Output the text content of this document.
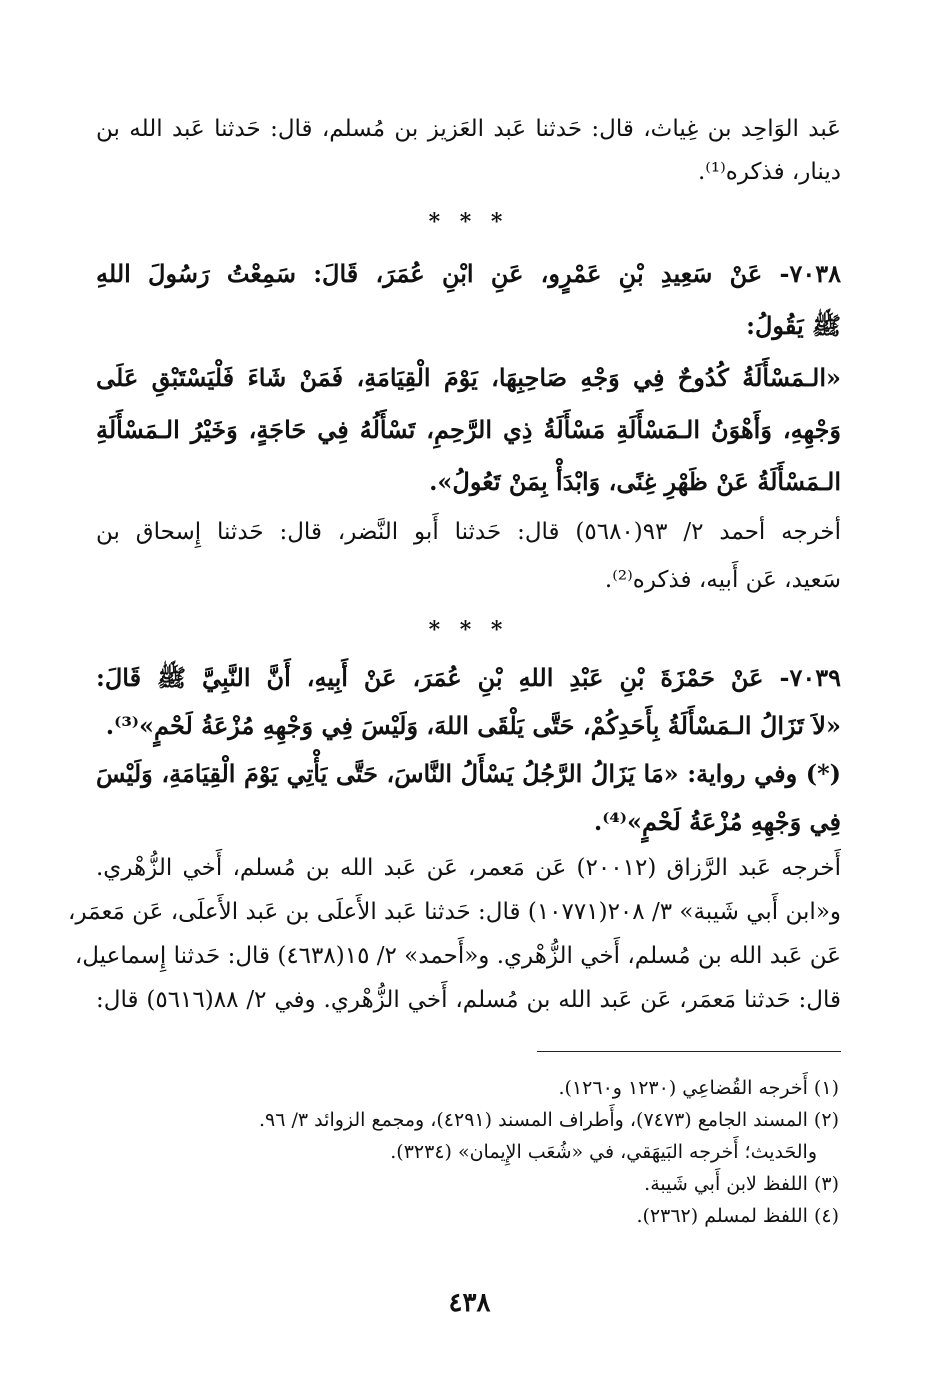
عَبد الوَاحِد بن غِياث، قال: حَدثنا عَبد العَزيز بن مُسلم، قال: حَدثنا عَبد الله بن
دينار، فذكره⁽¹⁾.
* * *
٧٠٣٨- عَنْ سَعِيدِ بْنِ عَمْرٍو، عَنِ ابْنِ عُمَرَ، قَالَ: سَمِعْتُ رَسُولَ اللهِ
ﷺ يَقُولُ:
«الـمَسْأَلَةُ كُدُوحٌ فِي وَجْهِ صَاحِبِهَا، يَوْمَ الْقِيَامَةِ، فَمَنْ شَاءَ فَلْيَسْتَبْقِ عَلَى
وَجْهِهِ، وَأَهْوَنُ الـمَسْأَلَةِ مَسْأَلَةُ ذِي الرَّحِمِ، تَسْأَلُهُ فِي حَاجَةٍ، وَخَيْرُ الـمَسْأَلَةِ
الـمَسْأَلَةُ عَنْ ظَهْرِ غِنًى، وَابْدَأْ بِمَنْ تَعُولُ».
أخرجه أحمد ٢/ ٩٣(٥٦٨٠) قال: حَدثنا أَبو النَّضر، قال: حَدثنا إِسحاق بن
سَعيد، عَن أَبيه، فذكره⁽²⁾.
* * *
٧٠٣٩- عَنْ حَمْزَةَ بْنِ عَبْدِ اللهِ بْنِ عُمَرَ، عَنْ أَبِيهِ، أَنَّ النَّبِيَّ ﷺ قَالَ:
«لاَ تَزَالُ الـمَسْأَلَةُ بِأَحَدِكُمْ، حَتَّى يَلْقَى اللهَ، وَلَيْسَ فِي وَجْهِهِ مُزْعَةُ لَحْمٍ»⁽³⁾.
(*) وفي رواية: «مَا يَزَالُ الرَّجُلُ يَسْأَلُ النَّاسَ، حَتَّى يَأْتِي يَوْمَ الْقِيَامَةِ، وَلَيْسَ
فِي وَجْهِهِ مُزْعَةُ لَحْمٍ»⁽⁴⁾.
أَخرجه عَبد الرَّزاق (٢٠٠١٢) عَن مَعمر، عَن عَبد الله بن مُسلم، أَخي الزُّهْري.
و«ابن أَبي شَيبة» ٣/ ٢٠٨(١٠٧٧١) قال: حَدثنا عَبد الأَعلَى بن عَبد الأَعلَى، عَن مَعمَر،
عَن عَبد الله بن مُسلم، أَخي الزُّهْري. و«أَحمد» ٢/ ١٥(٤٦٣٨) قال: حَدثنا إِسماعيل،
قال: حَدثنا مَعمَر، عَن عَبد الله بن مُسلم، أَخي الزُّهْري. وفي ٢/ ٨٨(٥٦١٦) قال:
(١) أَخرجه القُضاعِي (١٢٣٠ و١٢٦٠).
(٢) المسند الجامع (٧٤٧٣)، وأَطراف المسند (٤٢٩١)، ومجمع الزوائد ٣/ ٩٦.
والحَديث؛ أَخرجه البَيهَقي، في «شُعَب الإِيمان» (٣٢٣٤).
(٣) اللفظ لابن أَبي شَيبة.
(٤) اللفظ لمسلم (٢٣٦٢).
٤٣٨
